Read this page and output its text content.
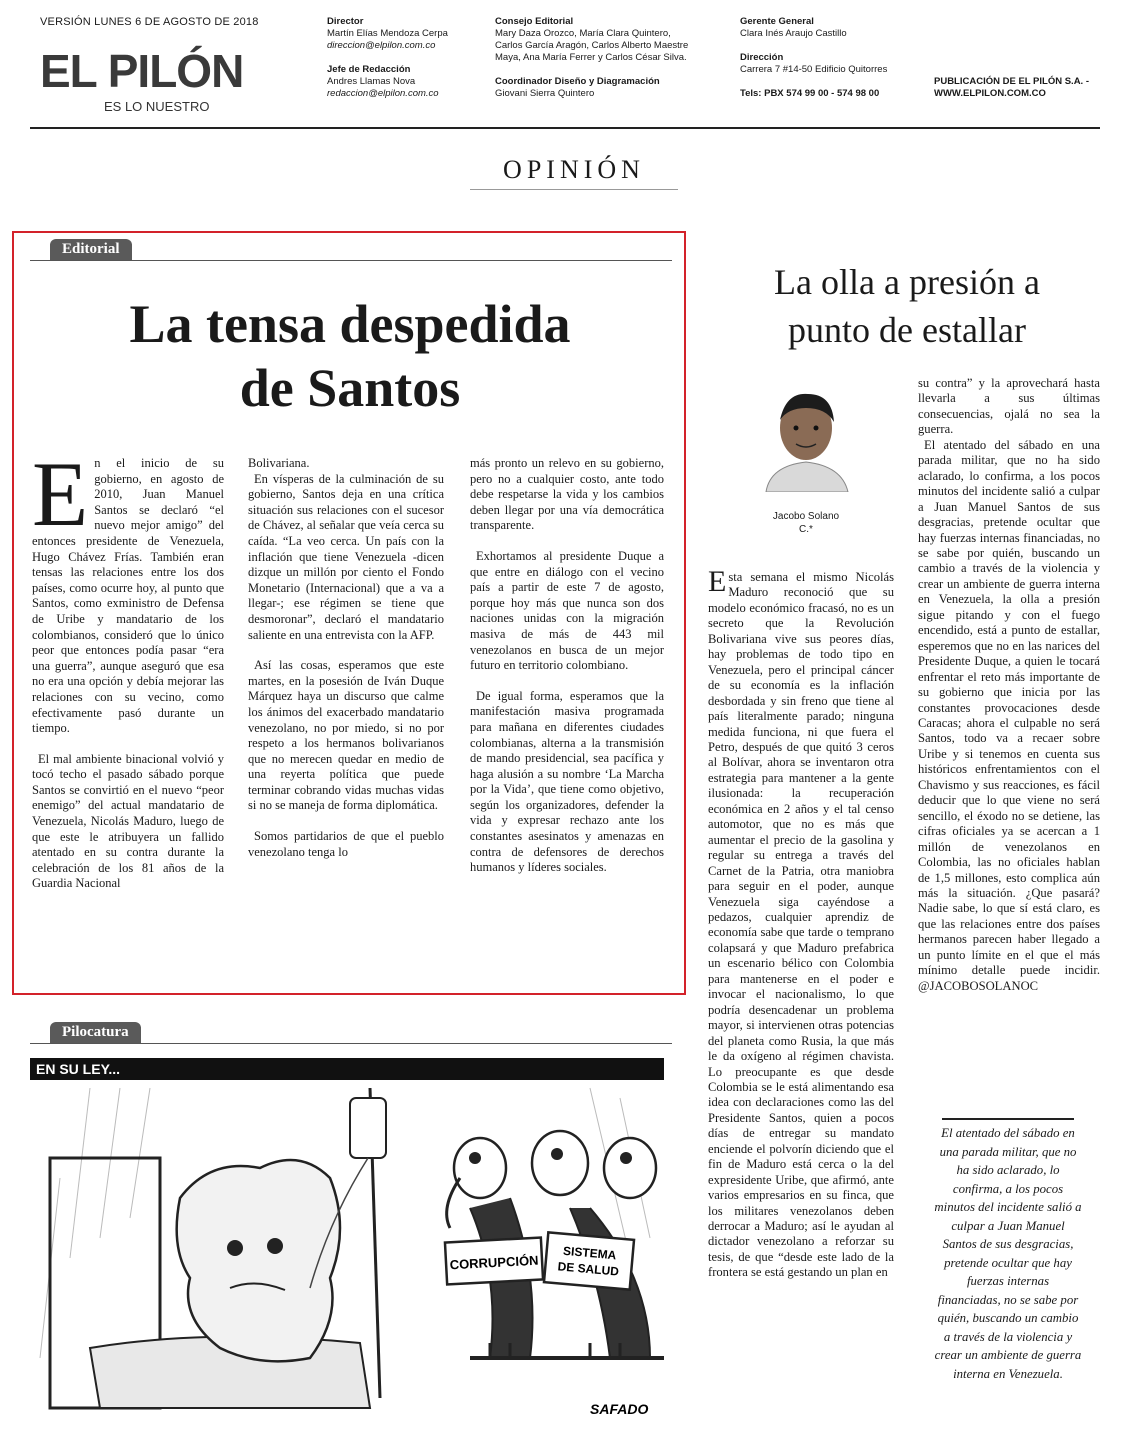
VERSIÓN LUNES 6 DE AGOSTO DE 2018
EL PILÓN
ES LO NUESTRO
Director
Martín Elías Mendoza Cerpa
direccion@elpilon.com.co
Jefe de Redacción
Andres Llamas Nova
redaccion@elpilon.com.co
Consejo Editorial
Mary Daza Orozco, María Clara Quintero,
Carlos García Aragón, Carlos Alberto Maestre
Maya, Ana María Ferrer y Carlos César Silva.
Coordinador Diseño y Diagramación
Giovani Sierra Quintero
Gerente General
Clara Inés Araujo Castillo
Dirección
Carrera 7 #14-50 Edificio Quitorres
Tels: PBX 574 99 00 - 574 98 00
PUBLICACIÓN DE EL PILÓN S.A. -
WWW.ELPILON.COM.CO
OPINIÓN
Editorial
La tensa despedida
de Santos

En el inicio de su gobierno, en agosto de 2010, Juan Manuel Santos se declaró “el nuevo mejor amigo” del entonces presidente de Venezuela, Hugo Chávez Frías. También eran tensas las relaciones entre los dos países, como ocurre hoy, al punto que Santos, como exministro de Defensa de Uribe y mandatario de los colombianos, consideró que lo único peor que entonces podía pasar “era una guerra”, aunque aseguró que esa no era una opción y debía mejorar las relaciones con su vecino, como efectivamente pasó durante un tiempo.

El mal ambiente binacional volvió y tocó techo el pasado sábado porque Santos se convirtió en el nuevo “peor enemigo” del actual mandatario de Venezuela, Nicolás Maduro, luego de que este le atribuyera un fallido atentado en su contra durante la celebración de los 81 años de la Guardia Nacional

Bolivariana.

En vísperas de la culminación de su gobierno, Santos deja en una crítica situación sus relaciones con el sucesor de Chávez, al señalar que veía cerca su caída. “La veo cerca. Un país con la inflación que tiene Venezuela -dicen dizque un millón por ciento el Fondo Monetario (Internacional) que a va a llegar-; ese régimen se tiene que desmoronar”, declaró el mandatario saliente en una entrevista con la AFP.

Así las cosas, esperamos que este martes, en la posesión de Iván Duque Márquez haya un discurso que calme los ánimos del exacerbado mandatario venezolano, no por miedo, si no por respeto a los hermanos bolivarianos que no merecen quedar en medio de una reyerta política que puede terminar cobrando vidas muchas vidas si no se maneja de forma diplomática.

Somos partidarios de que el pueblo venezolano tenga lo

más pronto un relevo en su gobierno, pero no a cualquier costo, ante todo debe respetarse la vida y los cambios deben llegar por una vía democrática transparente.

Exhortamos al presidente Duque a que entre en diálogo con el vecino país a partir de este 7 de agosto, porque hoy más que nunca son dos naciones unidas con la migración masiva de más de 443 mil venezolanos en busca de un mejor futuro en territorio colombiano.

De igual forma, esperamos que la manifestación masiva programada para mañana en diferentes ciudades colombianas, alterna a la transmisión de mando presidencial, sea pacífica y haga alusión a su nombre ‘La Marcha por la Vida’, que tiene como objetivo, según los organizadores, defender la vida y expresar rechazo ante los constantes asesinatos y amenazas en contra de defensores de derechos humanos y líderes sociales.

Pilocatura
EN SU LEY...
CORRUPCIÓN SISTEMA
DE SALUD
SAFADO
La olla a presión a
punto de estallar
Jacobo Solano
C.*

Esta semana el mismo Nicolás Maduro reconoció que su modelo económico fracasó, no es un secreto que la Revolución Bolivariana vive sus peores días, hay problemas de todo tipo en Venezuela, pero el principal cáncer de su economía es la inflación desbordada y sin freno que tiene al país literalmente parado; ninguna medida funciona, ni que fuera el Petro, después de que quitó 3 ceros al Bolívar, ahora se inventaron otra estrategia para mantener a la gente ilusionada: la recuperación económica en 2 años y el tal censo automotor, que no es más que aumentar el precio de la gasolina y regular su entrega a través del Carnet de la Patria, otra maniobra para seguir en el poder, aunque Venezuela siga cayéndose a pedazos, cualquier aprendiz de economía sabe que tarde o temprano colapsará y que Maduro prefabrica un escenario bélico con Colombia para mantenerse en el poder e invocar el nacionalismo, lo que podría desencadenar un problema mayor, si intervienen otras potencias del planeta como Rusia, la que más le da oxígeno al régimen chavista. Lo preocupante es que desde Colombia se le está alimentando esa idea con declaraciones como las del Presidente Santos, quien a pocos días de entregar su mandato enciende el polvorín diciendo que el fin de Maduro está cerca o la del expresidente Uribe, que afirmó, ante varios empresarios en su finca, que los militares venezolanos deben derrocar a Maduro; así le ayudan al dictador venezolano a reforzar su tesis, de que “desde este lado de la frontera se está gestando un plan en

su contra” y la aprovechará hasta llevarla a sus últimas consecuencias, ojalá no sea la guerra.

El atentado del sábado en una parada militar, que no ha sido aclarado, lo confirma, a los pocos minutos del incidente salió a culpar a Juan Manuel Santos de sus desgracias, pretende ocultar que hay fuerzas internas financiadas, no se sabe por quién, buscando un cambio a través de la violencia y crear un ambiente de guerra interna en Venezuela, la olla a presión sigue pitando y con el fuego encendido, está a punto de estallar, esperemos que no en las narices del Presidente Duque, a quien le tocará enfrentar el reto más importante de su gobierno que inicia por las constantes provocaciones desde Caracas; ahora el culpable no será Santos, todo va a recaer sobre Uribe y si tenemos en cuenta sus históricos enfrentamientos con el Chavismo y sus reacciones, es fácil deducir que lo que viene no será sencillo, el éxodo no se detiene, las cifras oficiales ya se acercan a 1 millón de venezolanos en Colombia, las no oficiales hablan de 1,5 millones, esto complica aún más la situación. ¿Que pasará? Nadie sabe, lo que sí está claro, es que las relaciones entre dos países hermanos parecen haber llegado a un punto límite en el que el más mínimo detalle puede incidir. @JACOBOSOLANOC

El atentado del sábado en una parada militar, que no ha sido aclarado, lo confirma, a los pocos minutos del incidente salió a culpar a Juan Manuel Santos de sus desgracias, pretende ocultar que hay fuerzas internas financiadas, no se sabe por quién, buscando un cambio a través de la violencia y crear un ambiente de guerra interna en Venezuela.
